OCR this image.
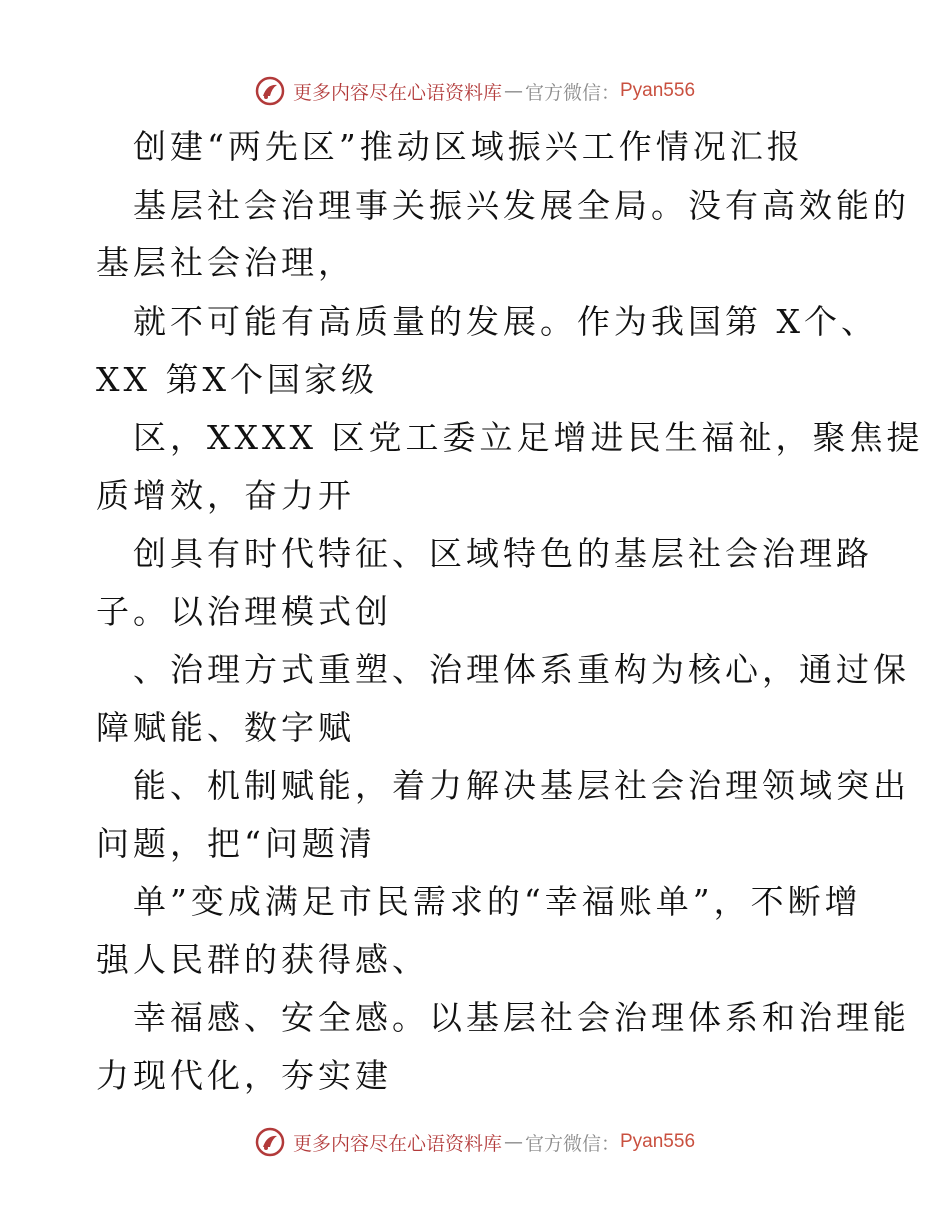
更多内容尽在心语资料库 — 官方微信： Pyan556
创建“两先区”推动区域振兴工作情况汇报
基层社会治理事关振兴发展全局。没有高效能的
基层社会治理，
就不可能有高质量的发展。作为我国第 X个、
XX 第X个国家级
区，XXXX 区党工委立足增进民生福祉，聚焦提
质增效，奋力开
创具有时代特征、区域特色的基层社会治理路
子。以治理模式创
、治理方式重塑、治理体系重构为核心，通过保
障赋能、数字赋
能、机制赋能，着力解决基层社会治理领域突出
问题，把“问题清
单”变成满足市民需求的“幸福账单”，不断增
强人民群的获得感、
幸福感、安全感。以基层社会治理体系和治理能
力现代化，夯实建
更多内容尽在心语资料库 — 官方微信： Pyan556
